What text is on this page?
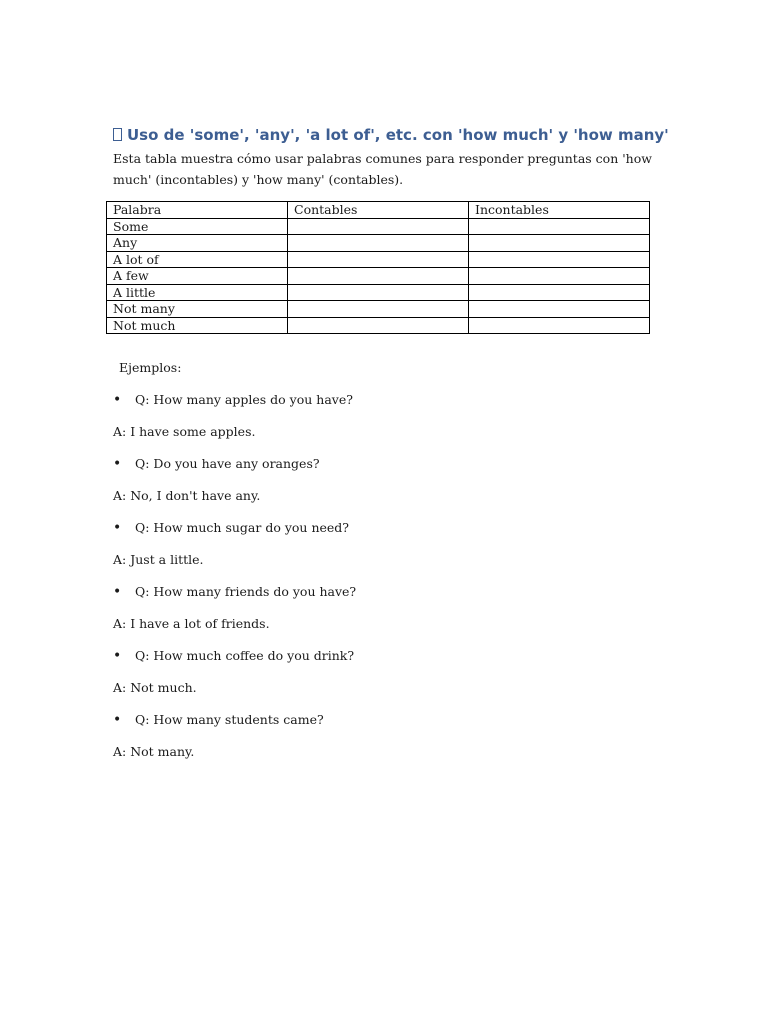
Uso de 'some', 'any', 'a lot of', etc. con 'how much' y 'how many'
Esta tabla muestra cómo usar palabras comunes para responder preguntas con 'how much' (incontables) y 'how many' (contables).
Palabra	Contables	Incontables
Some		
Any		
A lot of		
A few		
A little		
Not many		
Not much		
Ejemplos:
• Q: How many apples do you have?
A: I have some apples.
• Q: Do you have any oranges?
A: No, I don't have any.
• Q: How much sugar do you need?
A: Just a little.
• Q: How many friends do you have?
A: I have a lot of friends.
• Q: How much coffee do you drink?
A: Not much.
• Q: How many students came?
A: Not many.
